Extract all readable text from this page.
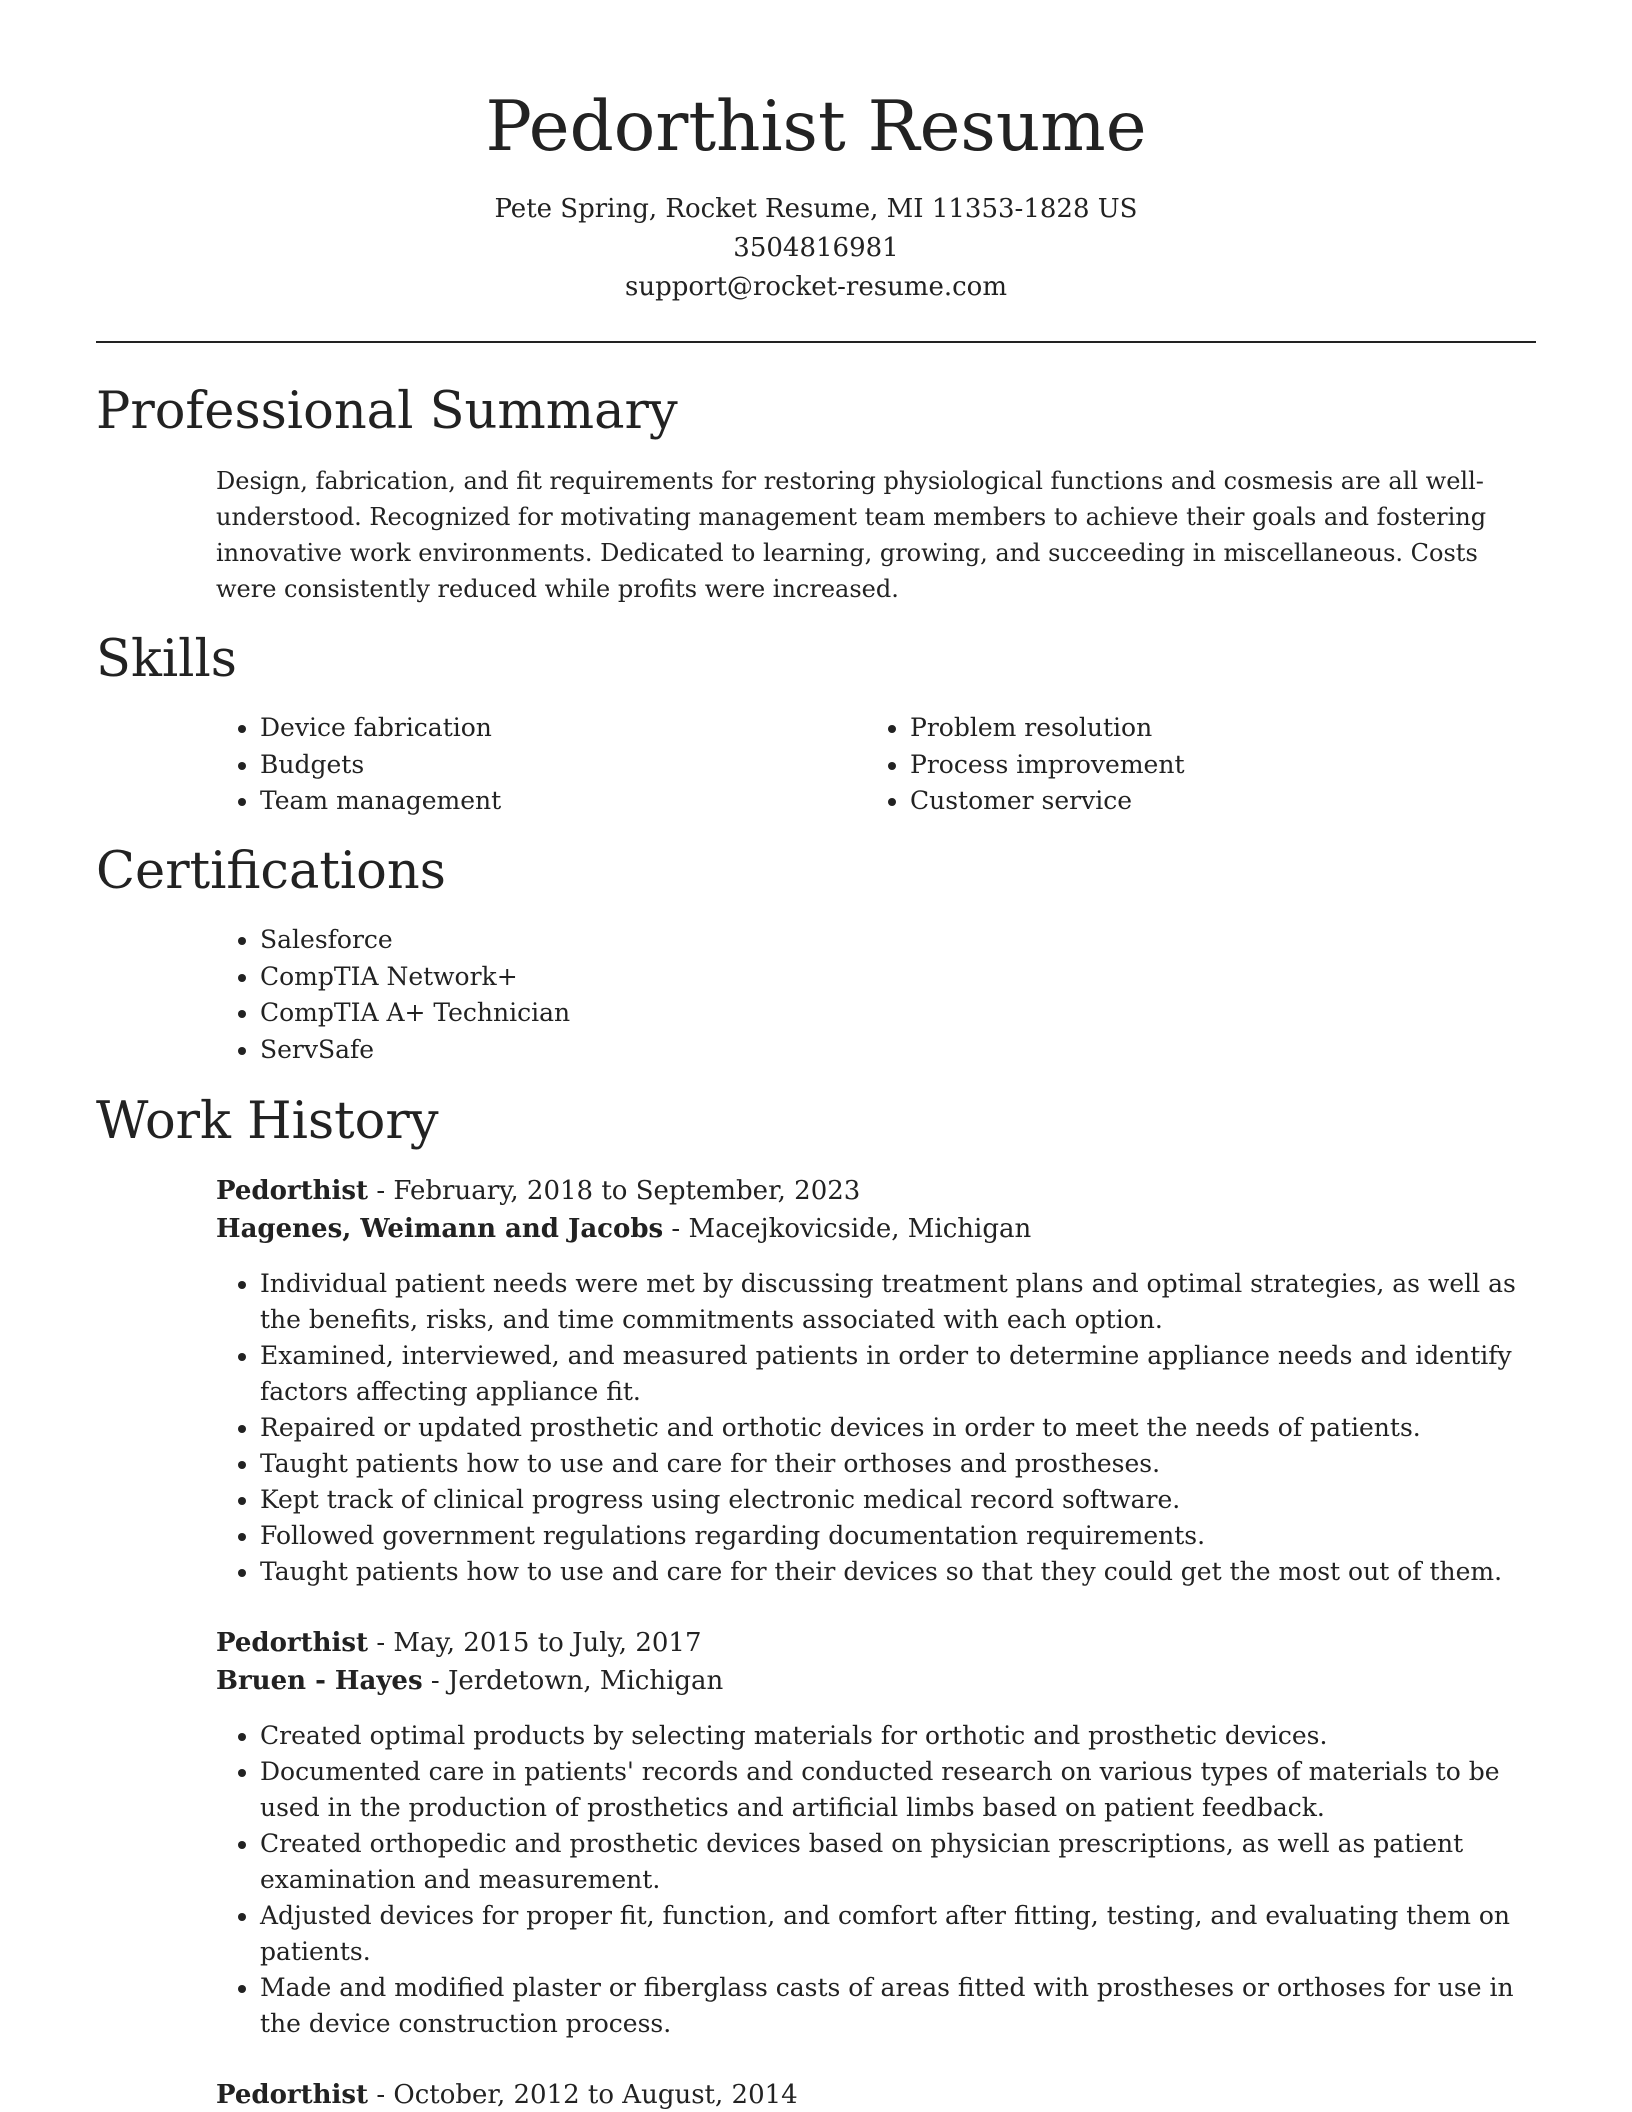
Pedorthist Resume
Pete Spring, Rocket Resume, MI 11353-1828 US
3504816981
support@rocket-resume.com
Professional Summary

Design, fabrication, and fit requirements for restoring physiological functions and cosmesis are all well-understood. Recognized for motivating management team members to achieve their goals and fostering innovative work environments. Dedicated to learning, growing, and succeeding in miscellaneous. Costs were consistently reduced while profits were increased.

Skills
• Device fabrication
• Budgets
• Team management
• Problem resolution
• Process improvement
• Customer service
Certifications
• Salesforce
• CompTIA Network+
• CompTIA A+ Technician
• ServSafe
Work History
Pedorthist - February, 2018 to September, 2023
Hagenes, Weimann and Jacobs - Macejkovicside, Michigan
• Individual patient needs were met by discussing treatment plans and optimal strategies, as well as the benefits, risks, and time commitments associated with each option.
• Examined, interviewed, and measured patients in order to determine appliance needs and identify factors affecting appliance fit.
• Repaired or updated prosthetic and orthotic devices in order to meet the needs of patients.
• Taught patients how to use and care for their orthoses and prostheses.
• Kept track of clinical progress using electronic medical record software.
• Followed government regulations regarding documentation requirements.
• Taught patients how to use and care for their devices so that they could get the most out of them.
Pedorthist - May, 2015 to July, 2017
Bruen - Hayes - Jerdetown, Michigan
• Created optimal products by selecting materials for orthotic and prosthetic devices.
• Documented care in patients' records and conducted research on various types of materials to be used in the production of prosthetics and artificial limbs based on patient feedback.
• Created orthopedic and prosthetic devices based on physician prescriptions, as well as patient examination and measurement.
• Adjusted devices for proper fit, function, and comfort after fitting, testing, and evaluating them on patients.
• Made and modified plaster or fiberglass casts of areas fitted with prostheses or orthoses for use in the device construction process.
Pedorthist - October, 2012 to August, 2014
